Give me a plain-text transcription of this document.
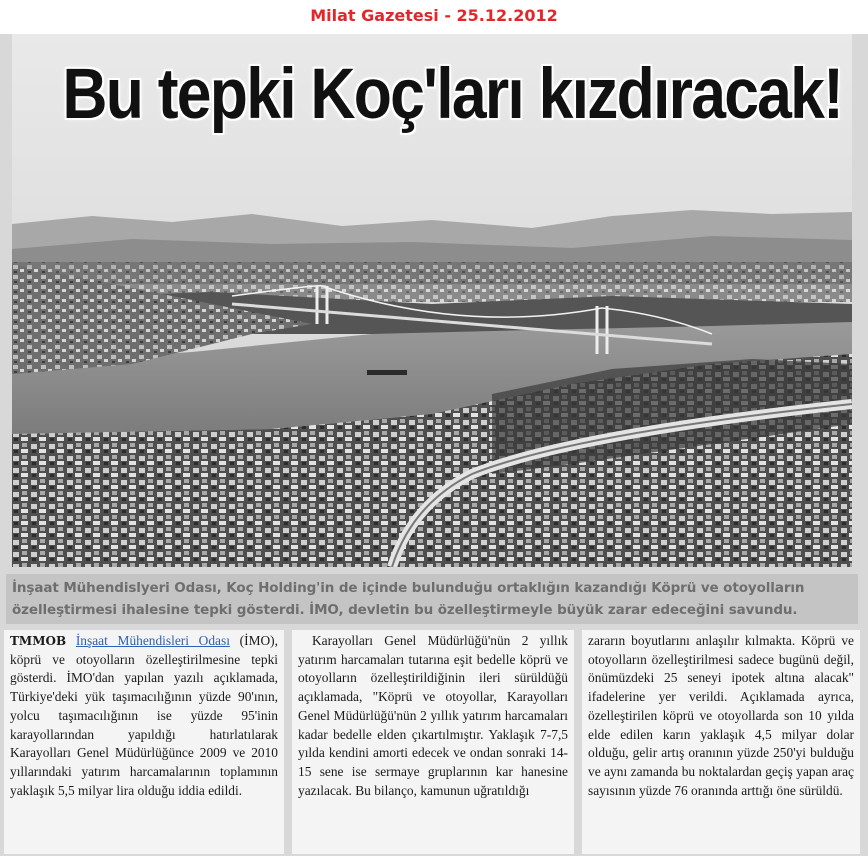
Milat Gazetesi - 25.12.2012
Bu tepki Koç'ları kızdıracak!
İnşaat Mühendislyeri Odası, Koç Holding'in de içinde bulunduğu ortaklığın kazandığı Köprü ve otoyolların özelleştirmesi ihalesine tepki gösterdi. İMO, devletin bu özelleştirmeyle büyük zarar edeceğini savundu.

TMMOB İnşaat Mühendisleri Odası (İMO), köprü ve otoyolların özelleştirilmesine tepki gösterdi. İMO'dan yapılan yazılı açıklamada, Türkiye'deki yük taşımacılığının yüzde 90'ının, yolcu taşımacılığının ise yüzde 95'inin karayollarından yapıldığı hatırlatılarak Karayolları Genel Müdürlüğünce 2009 ve 2010 yıllarındaki yatırım harcamalarının toplamının yaklaşık 5,5 milyar lira olduğu iddia edildi.

Karayolları Genel Müdürlüğü'nün 2 yıllık yatırım harcamaları tutarına eşit bedelle köprü ve otoyolların özelleştirildiğinin ileri sürüldüğü açıklamada, "Köprü ve otoyollar, Karayolları Genel Müdürlüğü'nün 2 yıllık yatırım harcamaları kadar bedelle elden çıkartılmıştır. Yaklaşık 7-7,5 yılda kendini amorti edecek ve ondan sonraki 14-15 sene ise sermaye gruplarının kar hanesine yazılacak. Bu bilanço, kamunun uğratıldığı

zararın boyutlarını anlaşılır kılmakta. Köprü ve otoyolların özelleştirilmesi sadece bugünü değil, önümüzdeki 25 seneyi ipotek altına alacak" ifadelerine yer verildi. Açıklamada ayrıca, özelleştirilen köprü ve otoyollarda son 10 yılda elde edilen karın yaklaşık 4,5 milyar dolar olduğu, gelir artış oranının yüzde 250'yi bulduğu ve aynı zamanda bu noktalardan geçiş yapan araç sayısının yüzde 76 oranında arttığı öne sürüldü.
